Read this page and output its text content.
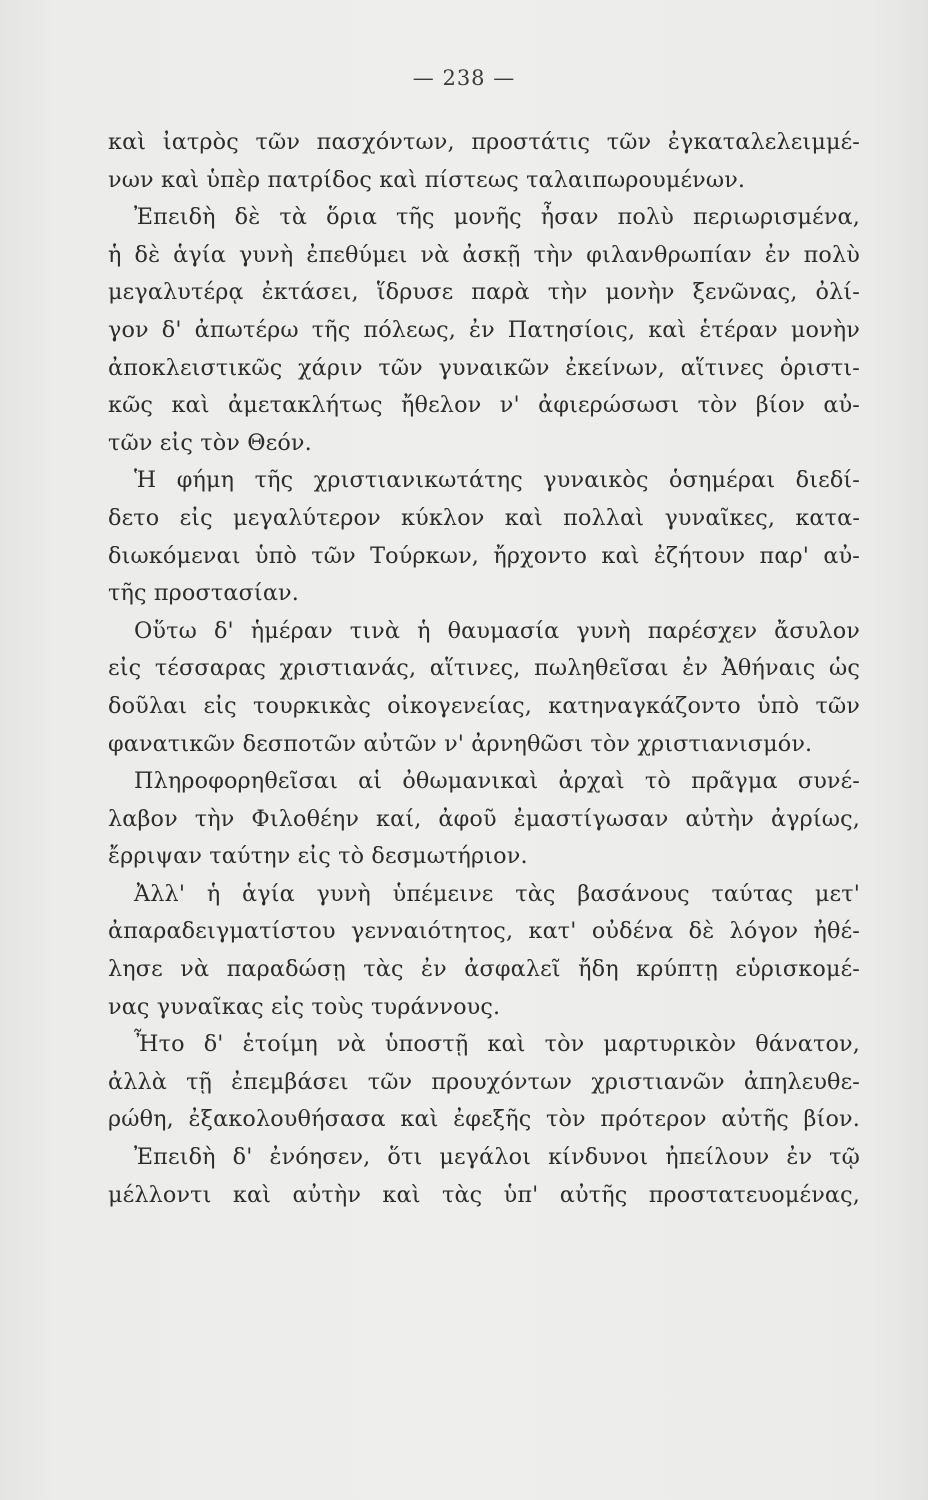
— 238 —
καὶ ἰατρὸς τῶν πασχόντων, προστάτις τῶν ἐγκαταλελειμμέ-
νων καὶ ὑπὲρ πατρίδος καὶ πίστεως ταλαιπωρουμένων.
Ἐπειδὴ δὲ τὰ ὅρια τῆς μονῆς ἦσαν πολὺ περιωρισμένα,
ἡ δὲ ἁγία γυνὴ ἐπεθύμει νὰ ἀσκῇ τὴν φιλανθρωπίαν ἐν πολὺ
μεγαλυτέρᾳ ἐκτάσει, ἵδρυσε παρὰ τὴν μονὴν ξενῶνας, ὀλί-
γον δ' ἀπωτέρω τῆς πόλεως, ἐν Πατησίοις, καὶ ἑτέραν μονὴν
ἀποκλειστικῶς χάριν τῶν γυναικῶν ἐκείνων, αἵτινες ὁριστι-
κῶς καὶ ἀμετακλήτως ἤθελον ν' ἀφιερώσωσι τὸν βίον αὐ-
τῶν εἰς τὸν Θεόν.
Ἡ φήμη τῆς χριστιανικωτάτης γυναικὸς ὁσημέραι διεδί-
δετο εἰς μεγαλύτερον κύκλον καὶ πολλαὶ γυναῖκες, κατα-
διωκόμεναι ὑπὸ τῶν Τούρκων, ἤρχοντο καὶ ἐζήτουν παρ' αὐ-
τῆς προστασίαν.
Οὕτω δ' ἡμέραν τινὰ ἡ θαυμασία γυνὴ παρέσχεν ἄσυλον
εἰς τέσσαρας χριστιανάς, αἵτινες, πωληθεῖσαι ἐν Ἀθήναις ὡς
δοῦλαι εἰς τουρκικὰς οἰκογενείας, κατηναγκάζοντο ὑπὸ τῶν
φανατικῶν δεσποτῶν αὐτῶν ν' ἀρνηθῶσι τὸν χριστιανισμόν.
Πληροφορηθεῖσαι αἱ ὀθωμανικαὶ ἀρχαὶ τὸ πρᾶγμα συνέ-
λαβον τὴν Φιλοθέην καί, ἀφοῦ ἐμαστίγωσαν αὐτὴν ἀγρίως,
ἔρριψαν ταύτην εἰς τὸ δεσμωτήριον.
Ἀλλ' ἡ ἁγία γυνὴ ὑπέμεινε τὰς βασάνους ταύτας μετ'
ἀπαραδειγματίστου γενναιότητος, κατ' οὐδένα δὲ λόγον ἠθέ-
λησε νὰ παραδώσῃ τὰς ἐν ἀσφαλεῖ ἤδη κρύπτῃ εὑρισκομέ-
νας γυναῖκας εἰς τοὺς τυράννους.
Ἦτο δ' ἑτοίμη νὰ ὑποστῇ καὶ τὸν μαρτυρικὸν θάνατον,
ἀλλὰ τῇ ἐπεμβάσει τῶν προυχόντων χριστιανῶν ἀπηλευθε-
ρώθη, ἐξακολουθήσασα καὶ ἐφεξῆς τὸν πρότερον αὐτῆς βίον.
Ἐπειδὴ δ' ἐνόησεν, ὅτι μεγάλοι κίνδυνοι ἠπείλουν ἐν τῷ
μέλλοντι καὶ αὐτὴν καὶ τὰς ὑπ' αὐτῆς προστατευομένας,
